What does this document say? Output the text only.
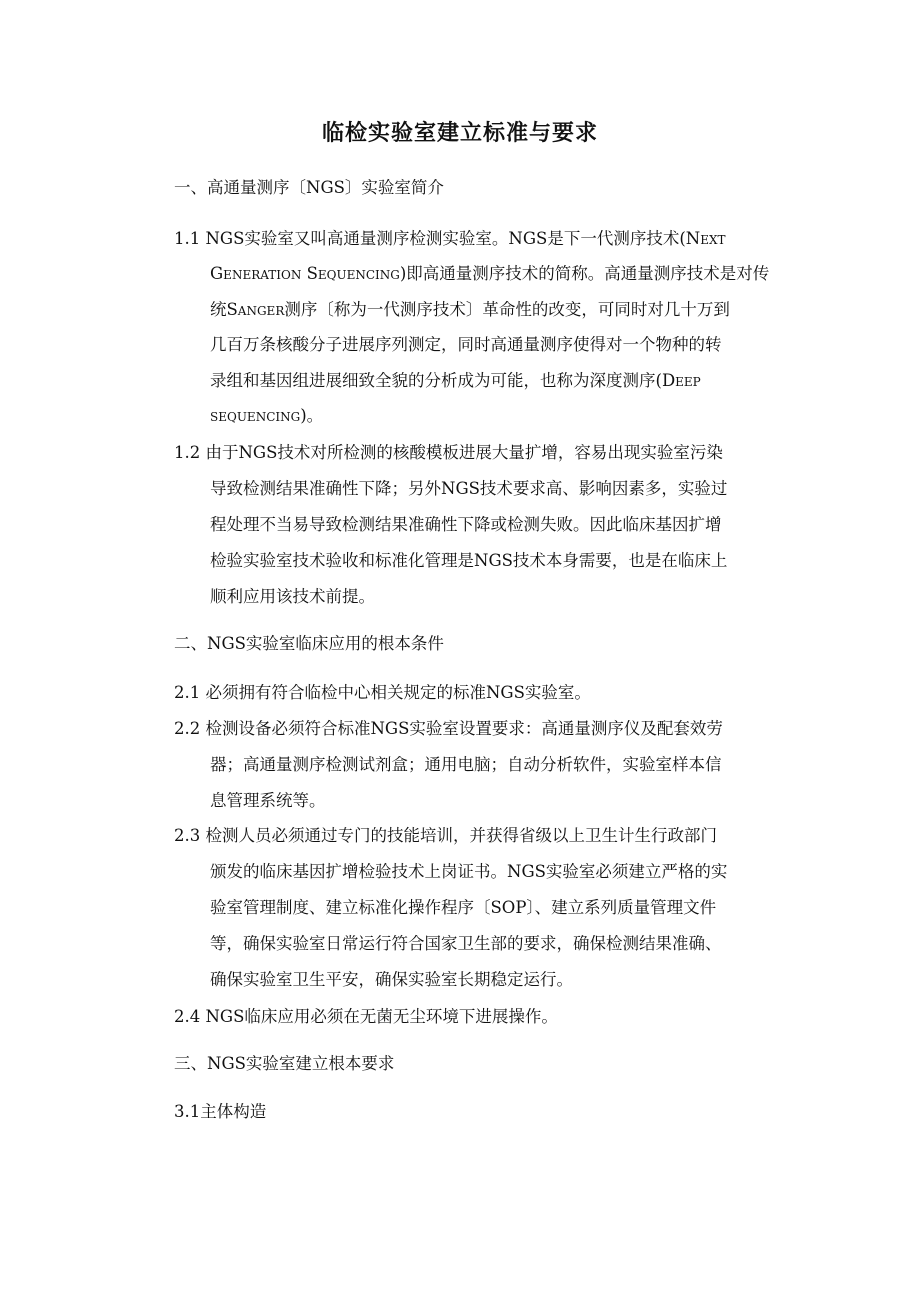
临检实验室建立标准与要求
一、高通量测序〔NGS〕实验室简介
1.1 NGS实验室又叫高通量测序检测实验室。NGS是下一代测序技术(Next
Generation Sequencing)即高通量测序技术的简称。高通量测序技术是对传
统Sanger测序〔称为一代测序技术〕革命性的改变，可同时对几十万到
几百万条核酸分子进展序列测定，同时高通量测序使得对一个物种的转
录组和基因组进展细致全貌的分析成为可能，也称为深度测序(Deep
sequencing)。
1.2 由于NGS技术对所检测的核酸模板进展大量扩增，容易出现实验室污染
导致检测结果准确性下降；另外NGS技术要求高、影响因素多，实验过
程处理不当易导致检测结果准确性下降或检测失败。因此临床基因扩增
检验实验室技术验收和标准化管理是NGS技术本身需要，也是在临床上
顺利应用该技术前提。
二、NGS实验室临床应用的根本条件
2.1 必须拥有符合临检中心相关规定的标准NGS实验室。
2.2 检测设备必须符合标准NGS实验室设置要求：高通量测序仪及配套效劳
器；高通量测序检测试剂盒；通用电脑；自动分析软件，实验室样本信
息管理系统等。
2.3 检测人员必须通过专门的技能培训，并获得省级以上卫生计生行政部门
颁发的临床基因扩增检验技术上岗证书。NGS实验室必须建立严格的实
验室管理制度、建立标准化操作程序〔SOP〕、建立系列质量管理文件
等，确保实验室日常运行符合国家卫生部的要求，确保检测结果准确、
确保实验室卫生平安，确保实验室长期稳定运行。
2.4 NGS临床应用必须在无菌无尘环境下进展操作。
三、NGS实验室建立根本要求
3.1主体构造
